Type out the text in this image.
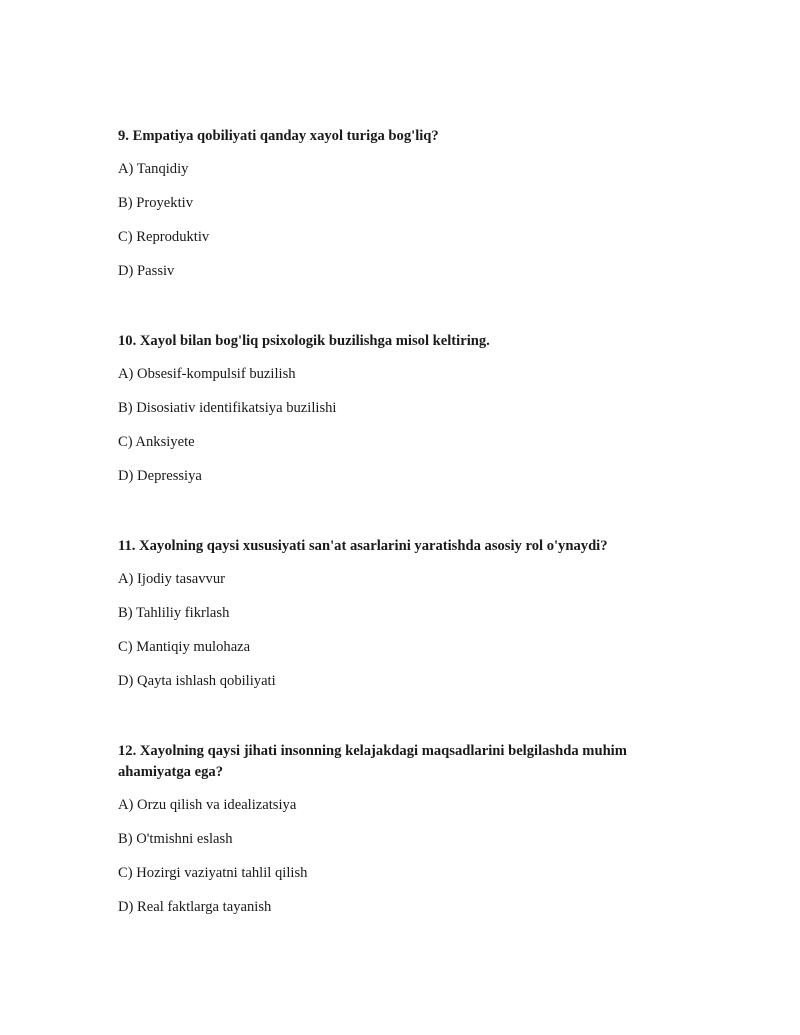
9. Empatiya qobiliyati qanday xayol turiga bog'liq?
A) Tanqidiy
B) Proyektiv
C) Reproduktiv
D) Passiv
10. Xayol bilan bog'liq psixologik buzilishga misol keltiring.
A) Obsesif-kompulsif buzilish
B) Disosiativ identifikatsiya buzilishi
C) Anksiyete
D) Depressiya
11. Xayolning qaysi xususiyati san'at asarlarini yaratishda asosiy rol o'ynaydi?
A) Ijodiy tasavvur
B) Tahliliy fikrlash
C) Mantiqiy mulohaza
D) Qayta ishlash qobiliyati
12. Xayolning qaysi jihati insonning kelajakdagi maqsadlarini belgilashda muhim ahamiyatga ega?
A) Orzu qilish va idealizatsiya
B) O'tmishni eslash
C) Hozirgi vaziyatni tahlil qilish
D) Real faktlarga tayanish
